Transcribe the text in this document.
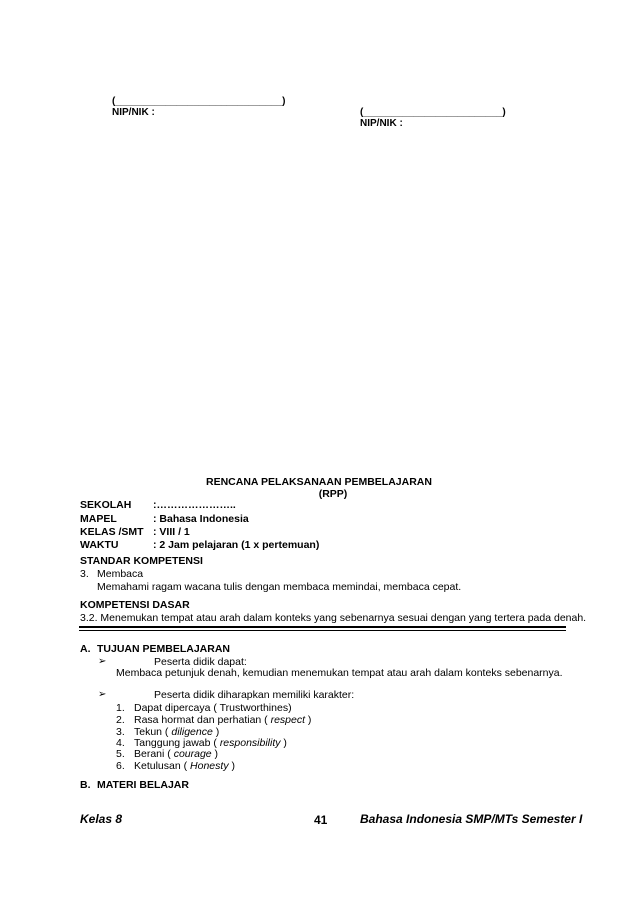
(______________________________)
NIP/NIK :	(_________________________)
NIP/NIK :
RENCANA PELAKSANAAN PEMBELAJARAN
(RPP)
SEKOLAH :…………………..
MAPEL	: Bahasa Indonesia
KELAS /SMT : VIII / 1
WAKTU	: 2 Jam pelajaran (1 x pertemuan)
STANDAR KOMPETENSI
3. Membaca
Memahami ragam wacana tulis dengan membaca memindai, membaca cepat.
KOMPETENSI DASAR
3.2. Menemukan tempat atau arah dalam konteks yang sebenarnya sesuai dengan yang tertera pada denah.
A. TUJUAN PEMBELAJARAN
➢	Peserta didik dapat:
Membaca petunjuk denah, kemudian menemukan tempat atau arah dalam konteks sebenarnya.
➢	Peserta didik diharapkan memiliki karakter:
1. Dapat dipercaya ( Trustworthines)
2. Rasa hormat dan perhatian ( respect )
3. Tekun ( diligence )
4. Tanggung jawab ( responsibility )
5. Berani ( courage )
6. Ketulusan ( Honesty )
B. MATERI BELAJAR
Kelas 8	41	Bahasa Indonesia SMP/MTs Semester I
